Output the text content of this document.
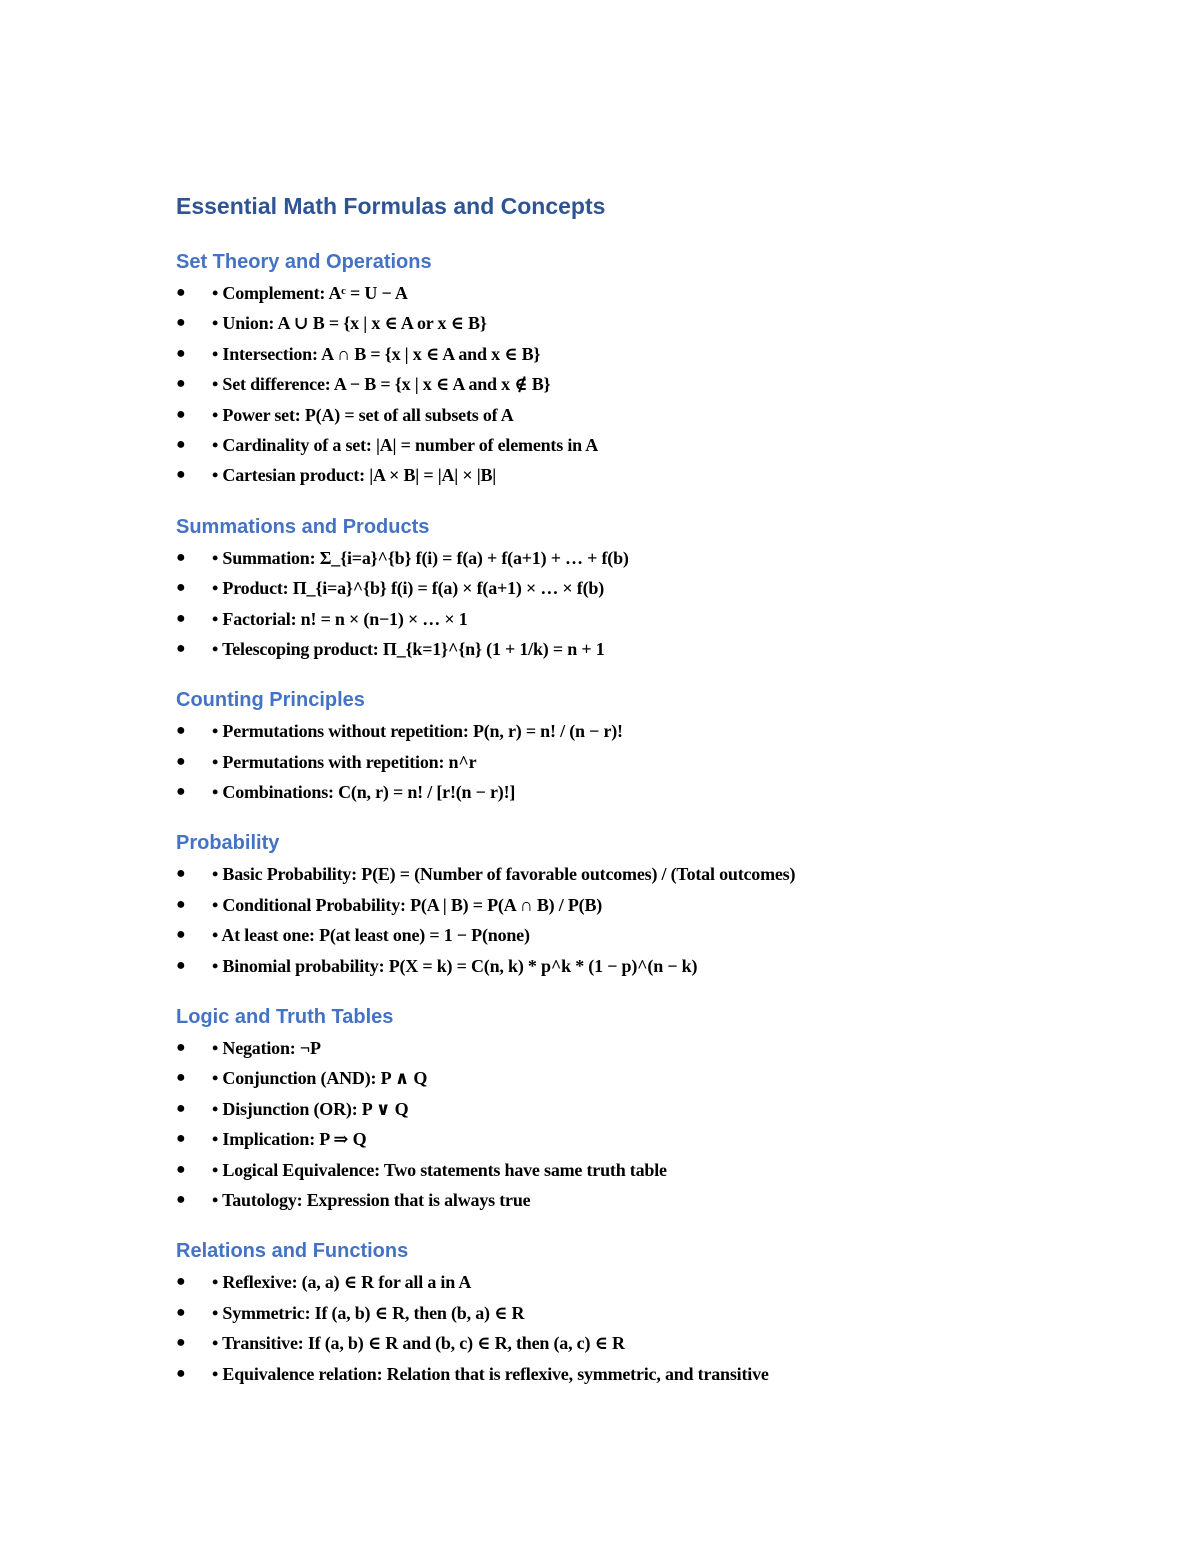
Essential Math Formulas and Concepts
Set Theory and Operations
● • Complement: Aᶜ = U − A
● • Union: A ∪ B = {x | x ∈ A or x ∈ B}
● • Intersection: A ∩ B = {x | x ∈ A and x ∈ B}
● • Set difference: A − B = {x | x ∈ A and x ∉ B}
● • Power set: P(A) = set of all subsets of A
● • Cardinality of a set: |A| = number of elements in A
● • Cartesian product: |A × B| = |A| × |B|
Summations and Products
● • Summation: Σ_{i=a}^{b} f(i) = f(a) + f(a+1) + … + f(b)
● • Product: Π_{i=a}^{b} f(i) = f(a) × f(a+1) × … × f(b)
● • Factorial: n! = n × (n−1) × … × 1
● • Telescoping product: Π_{k=1}^{n} (1 + 1/k) = n + 1
Counting Principles
● • Permutations without repetition: P(n, r) = n! / (n − r)!
● • Permutations with repetition: n^r
● • Combinations: C(n, r) = n! / [r!(n − r)!]
Probability
● • Basic Probability: P(E) = (Number of favorable outcomes) / (Total outcomes)
● • Conditional Probability: P(A | B) = P(A ∩ B) / P(B)
● • At least one: P(at least one) = 1 − P(none)
● • Binomial probability: P(X = k) = C(n, k) * p^k * (1 − p)^(n − k)
Logic and Truth Tables
● • Negation: ¬P
● • Conjunction (AND): P ∧ Q
● • Disjunction (OR): P ∨ Q
● • Implication: P ⇒ Q
● • Logical Equivalence: Two statements have same truth table
● • Tautology: Expression that is always true
Relations and Functions
● • Reflexive: (a, a) ∈ R for all a in A
● • Symmetric: If (a, b) ∈ R, then (b, a) ∈ R
● • Transitive: If (a, b) ∈ R and (b, c) ∈ R, then (a, c) ∈ R
● • Equivalence relation: Relation that is reflexive, symmetric, and transitive
